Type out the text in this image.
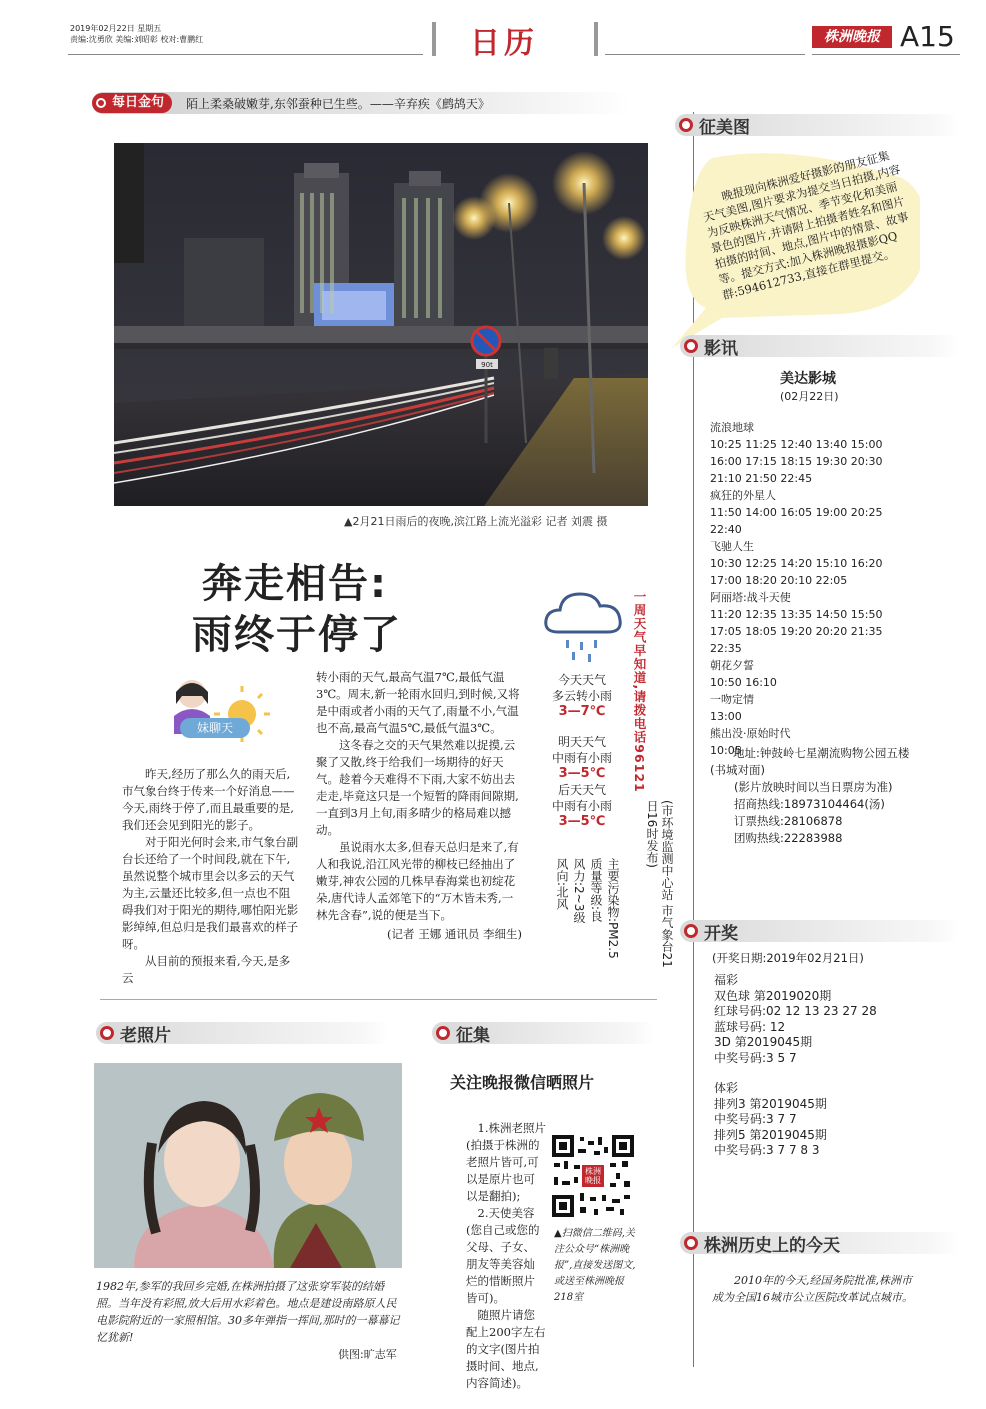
2019年02月22日 星期五
责编:沈勇欣 美编:刘昭彰 校对:曹鹏红	日历	株洲晚报 A15
每日金句 陌上柔桑破嫩芽,东邻蚕种已生些。——辛弃疾《鹧鸪天》
90t
▲2月21日雨后的夜晚,滨江路上流光溢彩 记者 刘震 摄
奔走相告:
雨终于停了
妹聊天

昨天,经历了那么久的雨天后,市气象台终于传来一个好消息——今天,雨终于停了,而且最重要的是,我们还会见到阳光的影子。

对于阳光何时会来,市气象台副台长还给了一个时间段,就在下午,虽然说整个城市里会以多云的天气为主,云量还比较多,但一点也不阻碍我们对于阳光的期待,哪怕阳光影影绰绰,但总归是我们最喜欢的样子呀。

从目前的预报来看,今天,是多云

转小雨的天气,最高气温7℃,最低气温3℃。周末,新一轮雨水回归,到时候,又将是中雨或者小雨的天气了,雨量不小,气温也不高,最高气温5℃,最低气温3℃。

这冬春之交的天气果然难以捉摸,云聚了又散,终于给我们一场期待的好天气。趁着今天难得不下雨,大家不妨出去走走,毕竟这只是一个短暂的降雨间隙期,一直到3月上旬,雨多晴少的格局难以撼动。

虽说雨水太多,但春天总归是来了,有人和我说,沿江风光带的柳枝已经抽出了嫩芽,神农公园的几株早春海棠也初绽花朵,唐代诗人孟郊笔下的“万木皆未秀,一林先含春”,说的便是当下。

(记者 王娜 通讯员 李细生)
今天天气
多云转小雨
3—7℃
明天天气
中雨有小雨
3—5℃
后天天气
中雨有小雨
3—5℃
主要污染物:PM2.5
质量等级:良
风力:2~3级
风向:北风
一周天气早知道,请拨电话96121
(市环境监测中心站 市气象台21日16时发布)
老照片
1982年,参军的我回乡完婚,在株洲拍摄了这张穿军装的结婚照。当年没有彩照,放大后用水彩着色。地点是建设南路原人民电影院附近的一家照相馆。30多年弹指一挥间,那时的一幕幕记忆犹新!
供图:旷志军
征集
关注晚报微信晒照片

1.株洲老照片(拍摄于株洲的老照片皆可,可以是原片也可以是翻拍);

2.天使美容(您自己或您的父母、子女、朋友等美容灿烂的惜断照片皆可)。

随照片请您配上200字左右的文字(图片拍摄时间、地点,内容简述)。

株洲晚报
▲扫微信二维码,关注公众号“株洲晚报”,直接发送图文,或送至株洲晚报218室
征美图
晚报现向株洲爱好摄影的朋友征集天气美图,图片要求为提交当日拍摄,内容为反映株洲天气情况、季节变化和美丽景色的图片,并请附上拍摄者姓名和图片拍摄的时间、地点,图片中的情景、故事等。提交方式:加入株洲晚报摄影QQ群:594612733,直接在群里提交。
影讯
美达影城
(02月22日)
流浪地球
10:25 11:25 12:40 13:40 15:00
16:00 17:15 18:15 19:30 20:30
21:10 21:50 22:45
疯狂的外星人
11:50 14:00 16:05 19:00 20:25
22:40
飞驰人生
10:30 12:25 14:20 15:10 16:20
17:00 18:20 20:10 22:05
阿丽塔:战斗天使
11:20 12:35 13:35 14:50 15:50
17:05 18:05 19:20 20:20 21:35
22:35
朝花夕誓
10:50 16:10
一吻定情
13:00
熊出没·原始时代
10:05
地址:钟鼓岭七星潮流购物公园五楼(书城对面)
(影片放映时间以当日票房为准)
招商热线:18973104464(汤)
订票热线:28106878
团购热线:22283988
开奖
(开奖日期:2019年02月21日)
福彩
双色球 第2019020期
红球号码:02 12 13 23 27 28
蓝球号码: 12
3D 第2019045期
中奖号码:3 5 7
体彩
排列3 第2019045期
中奖号码:3 7 7
排列5 第2019045期
中奖号码:3 7 7 8 3
株洲历史上的今天
2010年的今天,经国务院批准,株洲市成为全国16城市公立医院改革试点城市。
